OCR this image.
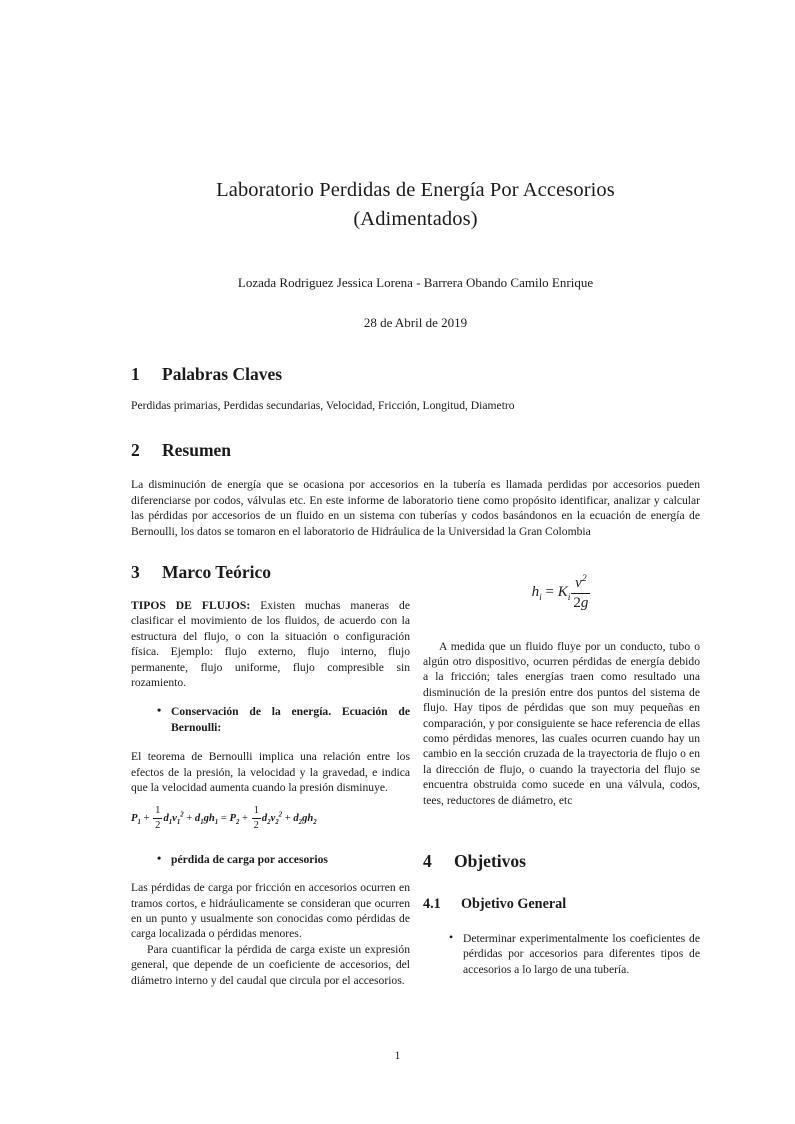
Laboratorio Perdidas de Energía Por Accesorios
(Adimentados)
Lozada Rodriguez Jessica Lorena - Barrera Obando Camilo Enrique
28 de Abril de 2019
1	Palabras Claves

Perdidas primarias, Perdidas secundarias, Velocidad, Fricción, Longitud, Diametro

2	Resumen

La disminución de energía que se ocasiona por accesorios en la tubería es llamada perdidas por accesorios pueden diferenciarse por codos, válvulas etc. En este informe de laboratorio tiene como propósito identificar, analizar y calcular las pérdidas por accesorios de un fluido en un sistema con tuberías y codos basándonos en la ecuación de energía de Bernoulli, los datos se tomaron en el laboratorio de Hidráulica de la Universidad la Gran Colombia

3	Marco Teórico

TIPOS DE FLUJOS: Existen muchas maneras de clasificar el movimiento de los fluidos, de acuerdo con la estructura del flujo, o con la situación o configuración física. Ejemplo: flujo externo, flujo interno, flujo permanente, flujo uniforme, flujo compresible sin rozamiento.

• Conservación de la energía. Ecuación de Bernoulli:

El teorema de Bernoulli implica una relación entre los efectos de la presión, la velocidad y la gravedad, e indica que la velocidad aumenta cuando la presión disminuye.

$P_1 + \frac{1}{2} d_1v_1^2 + d_1gh_1 = P_2 + \frac{1}{2} d_2v_2^2 + d_2gh_2$
• pérdida de carga por accesorios

Las pérdidas de carga por fricción en accesorios ocurren en tramos cortos, e hidráulicamente se consideran que ocurren en un punto y usualmente son conocidas como pérdidas de carga localizada o pérdidas menores.

Para cuantificar la pérdida de carga existe un expresión general, que depende de un coeficiente de accesorios, del diámetro interno y del caudal que circula por el accesorios.

$h_i = K_i \frac{v^2}{2g}$

A medida que un fluido fluye por un conducto, tubo o algún otro dispositivo, ocurren pérdidas de energía debido a la fricción; tales energías traen como resultado una disminución de la presión entre dos puntos del sistema de flujo. Hay tipos de pérdidas que son muy pequeñas en comparación, y por consiguiente se hace referencia de ellas como pérdidas menores, las cuales ocurren cuando hay un cambio en la sección cruzada de la trayectoria de flujo o en la dirección de flujo, o cuando la trayectoria del flujo se encuentra obstruida como sucede en una válvula, codos, tees, reductores de diámetro, etc

4	Objetivos
4.1	Objetivo General
• Determinar experimentalmente los coeficientes de pérdidas por accesorios para diferentes tipos de accesorios a lo largo de una tubería.
1
